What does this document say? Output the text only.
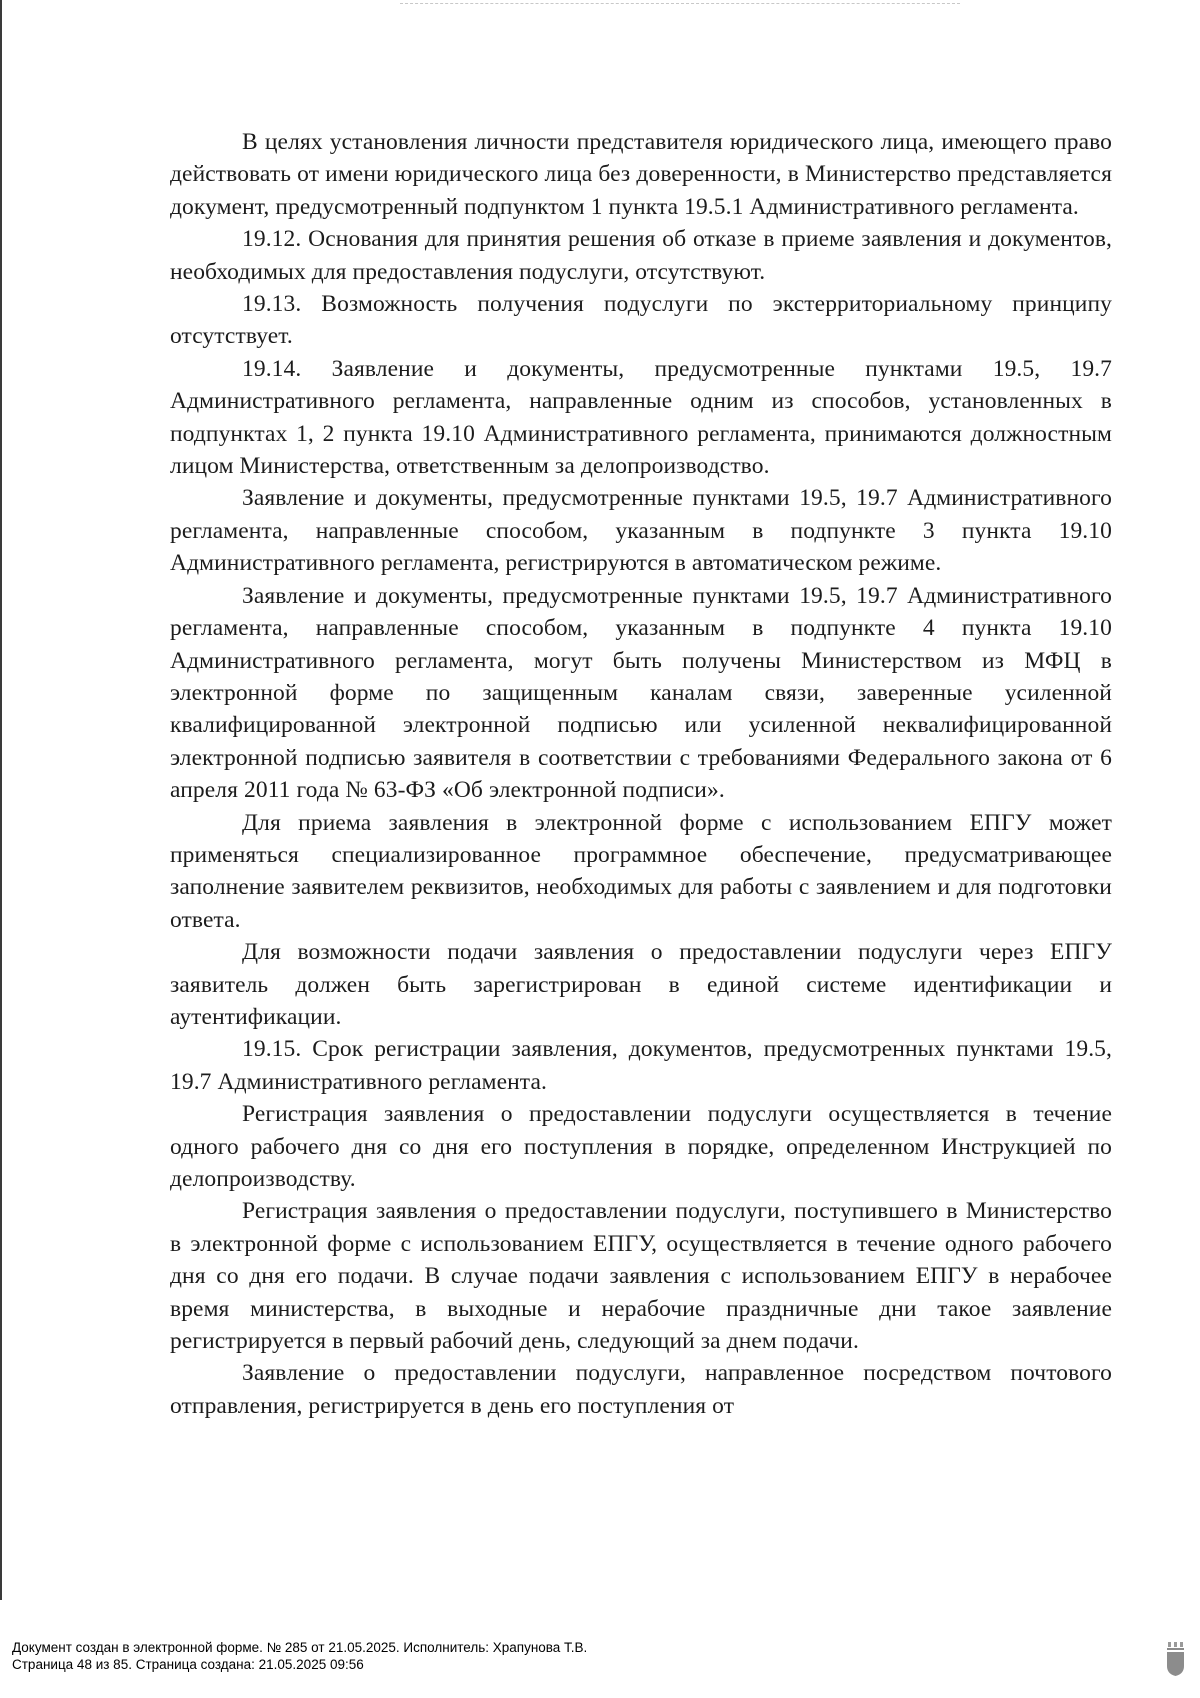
В целях установления личности представителя юридического лица, имеющего право действовать от имени юридического лица без доверенности, в Министерство представляется документ, предусмотренный подпунктом 1 пункта 19.5.1 Административного регламента.

19.12. Основания для принятия решения об отказе в приеме заявления и документов, необходимых для предоставления подуслуги, отсутствуют.

19.13. Возможность получения подуслуги по экстерриториальному принципу отсутствует.

19.14. Заявление и документы, предусмотренные пунктами 19.5, 19.7 Административного регламента, направленные одним из способов, установленных в подпунктах 1, 2 пункта 19.10 Административного регламента, принимаются должностным лицом Министерства, ответственным за делопроизводство.

Заявление и документы, предусмотренные пунктами 19.5, 19.7 Административного регламента, направленные способом, указанным в подпункте 3 пункта 19.10 Административного регламента, регистрируются в автоматическом режиме.

Заявление и документы, предусмотренные пунктами 19.5, 19.7 Административного регламента, направленные способом, указанным в подпункте 4 пункта 19.10 Административного регламента, могут быть получены Министерством из МФЦ в электронной форме по защищенным каналам связи, заверенные усиленной квалифицированной электронной подписью или усиленной неквалифицированной электронной подписью заявителя в соответствии с требованиями Федерального закона от 6 апреля 2011 года № 63-ФЗ «Об электронной подписи».

Для приема заявления в электронной форме с использованием ЕПГУ может применяться специализированное программное обеспечение, предусматривающее заполнение заявителем реквизитов, необходимых для работы с заявлением и для подготовки ответа.

Для возможности подачи заявления о предоставлении подуслуги через ЕПГУ заявитель должен быть зарегистрирован в единой системе идентификации и аутентификации.

19.15. Срок регистрации заявления, документов, предусмотренных пунктами 19.5, 19.7 Административного регламента.

Регистрация заявления о предоставлении подуслуги осуществляется в течение одного рабочего дня со дня его поступления в порядке, определенном Инструкцией по делопроизводству.

Регистрация заявления о предоставлении подуслуги, поступившего в Министерство в электронной форме с использованием ЕПГУ, осуществляется в течение одного рабочего дня со дня его подачи. В случае подачи заявления с использованием ЕПГУ в нерабочее время министерства, в выходные и нерабочие праздничные дни такое заявление регистрируется в первый рабочий день, следующий за днем подачи.

Заявление о предоставлении подуслуги, направленное посредством почтового отправления, регистрируется в день его поступления от

Документ создан в электронной форме. № 285 от 21.05.2025. Исполнитель: Храпунова Т.В.
Страница 48 из 85. Страница создана: 21.05.2025 09:56
